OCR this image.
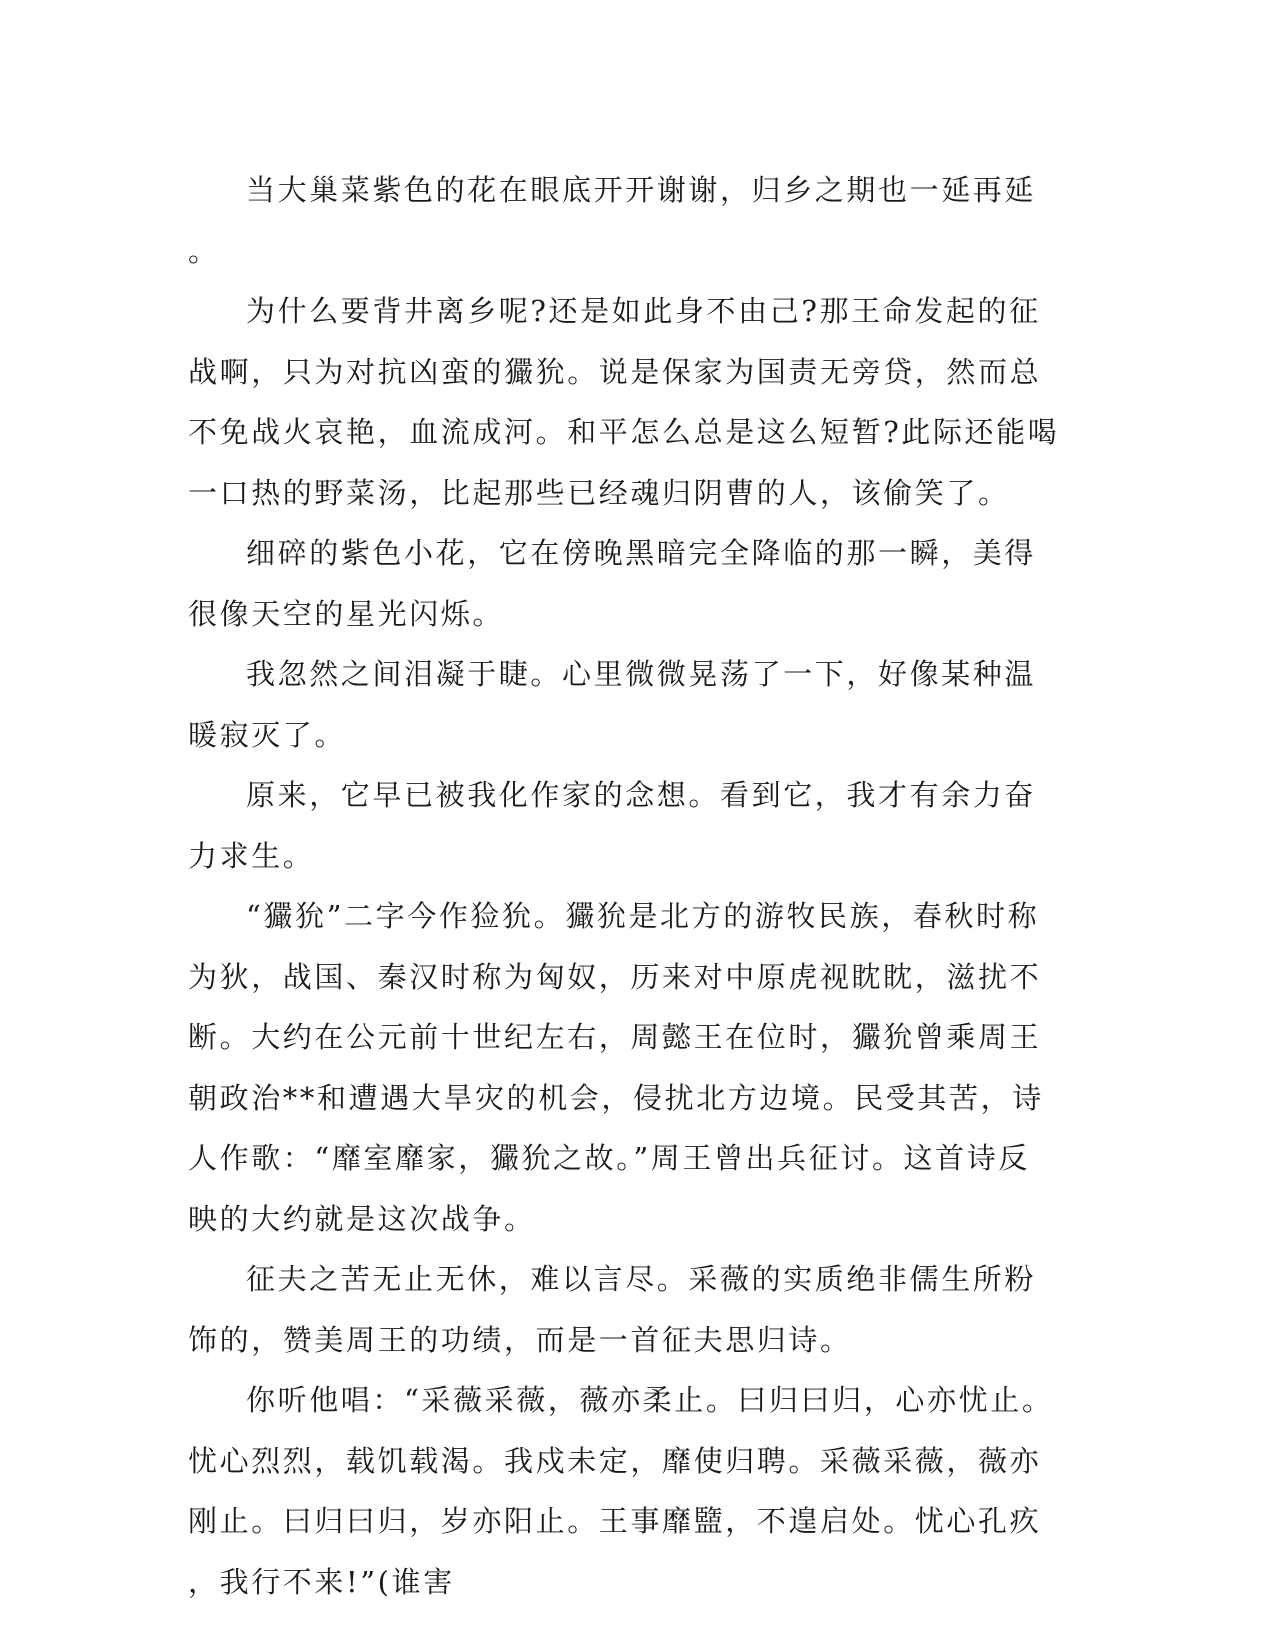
当大巢菜紫色的花在眼底开开谢谢，归乡之期也一延再延。

为什么要背井离乡呢?还是如此身不由己?那王命发起的征战啊，只为对抗凶蛮的玁狁。说是保家为国责无旁贷，然而总不免战火哀艳，血流成河。和平怎么总是这么短暂?此际还能喝一口热的野菜汤，比起那些已经魂归阴曹的人，该偷笑了。

细碎的紫色小花，它在傍晚黑暗完全降临的那一瞬，美得很像天空的星光闪烁。

我忽然之间泪凝于睫。心里微微晃荡了一下，好像某种温暖寂灭了。

原来，它早已被我化作家的念想。看到它，我才有余力奋力求生。

“玁狁”二字今作猃狁。玁狁是北方的游牧民族，春秋时称为狄，战国、秦汉时称为匈奴，历来对中原虎视眈眈，滋扰不断。大约在公元前十世纪左右，周懿王在位时，玁狁曾乘周王朝政治**和遭遇大旱灾的机会，侵扰北方边境。民受其苦，诗人作歌：“靡室靡家，玁狁之故。”周王曾出兵征讨。这首诗反映的大约就是这次战争。

征夫之苦无止无休，难以言尽。采薇的实质绝非儒生所粉饰的，赞美周王的功绩，而是一首征夫思归诗。

你听他唱：“采薇采薇，薇亦柔止。曰归曰归，心亦忧止。忧心烈烈，载饥载渴。我戍未定，靡使归聘。采薇采薇，薇亦刚止。曰归曰归，岁亦阳止。王事靡盬，不遑启处。忧心孔疚，我行不来!”(谁害
